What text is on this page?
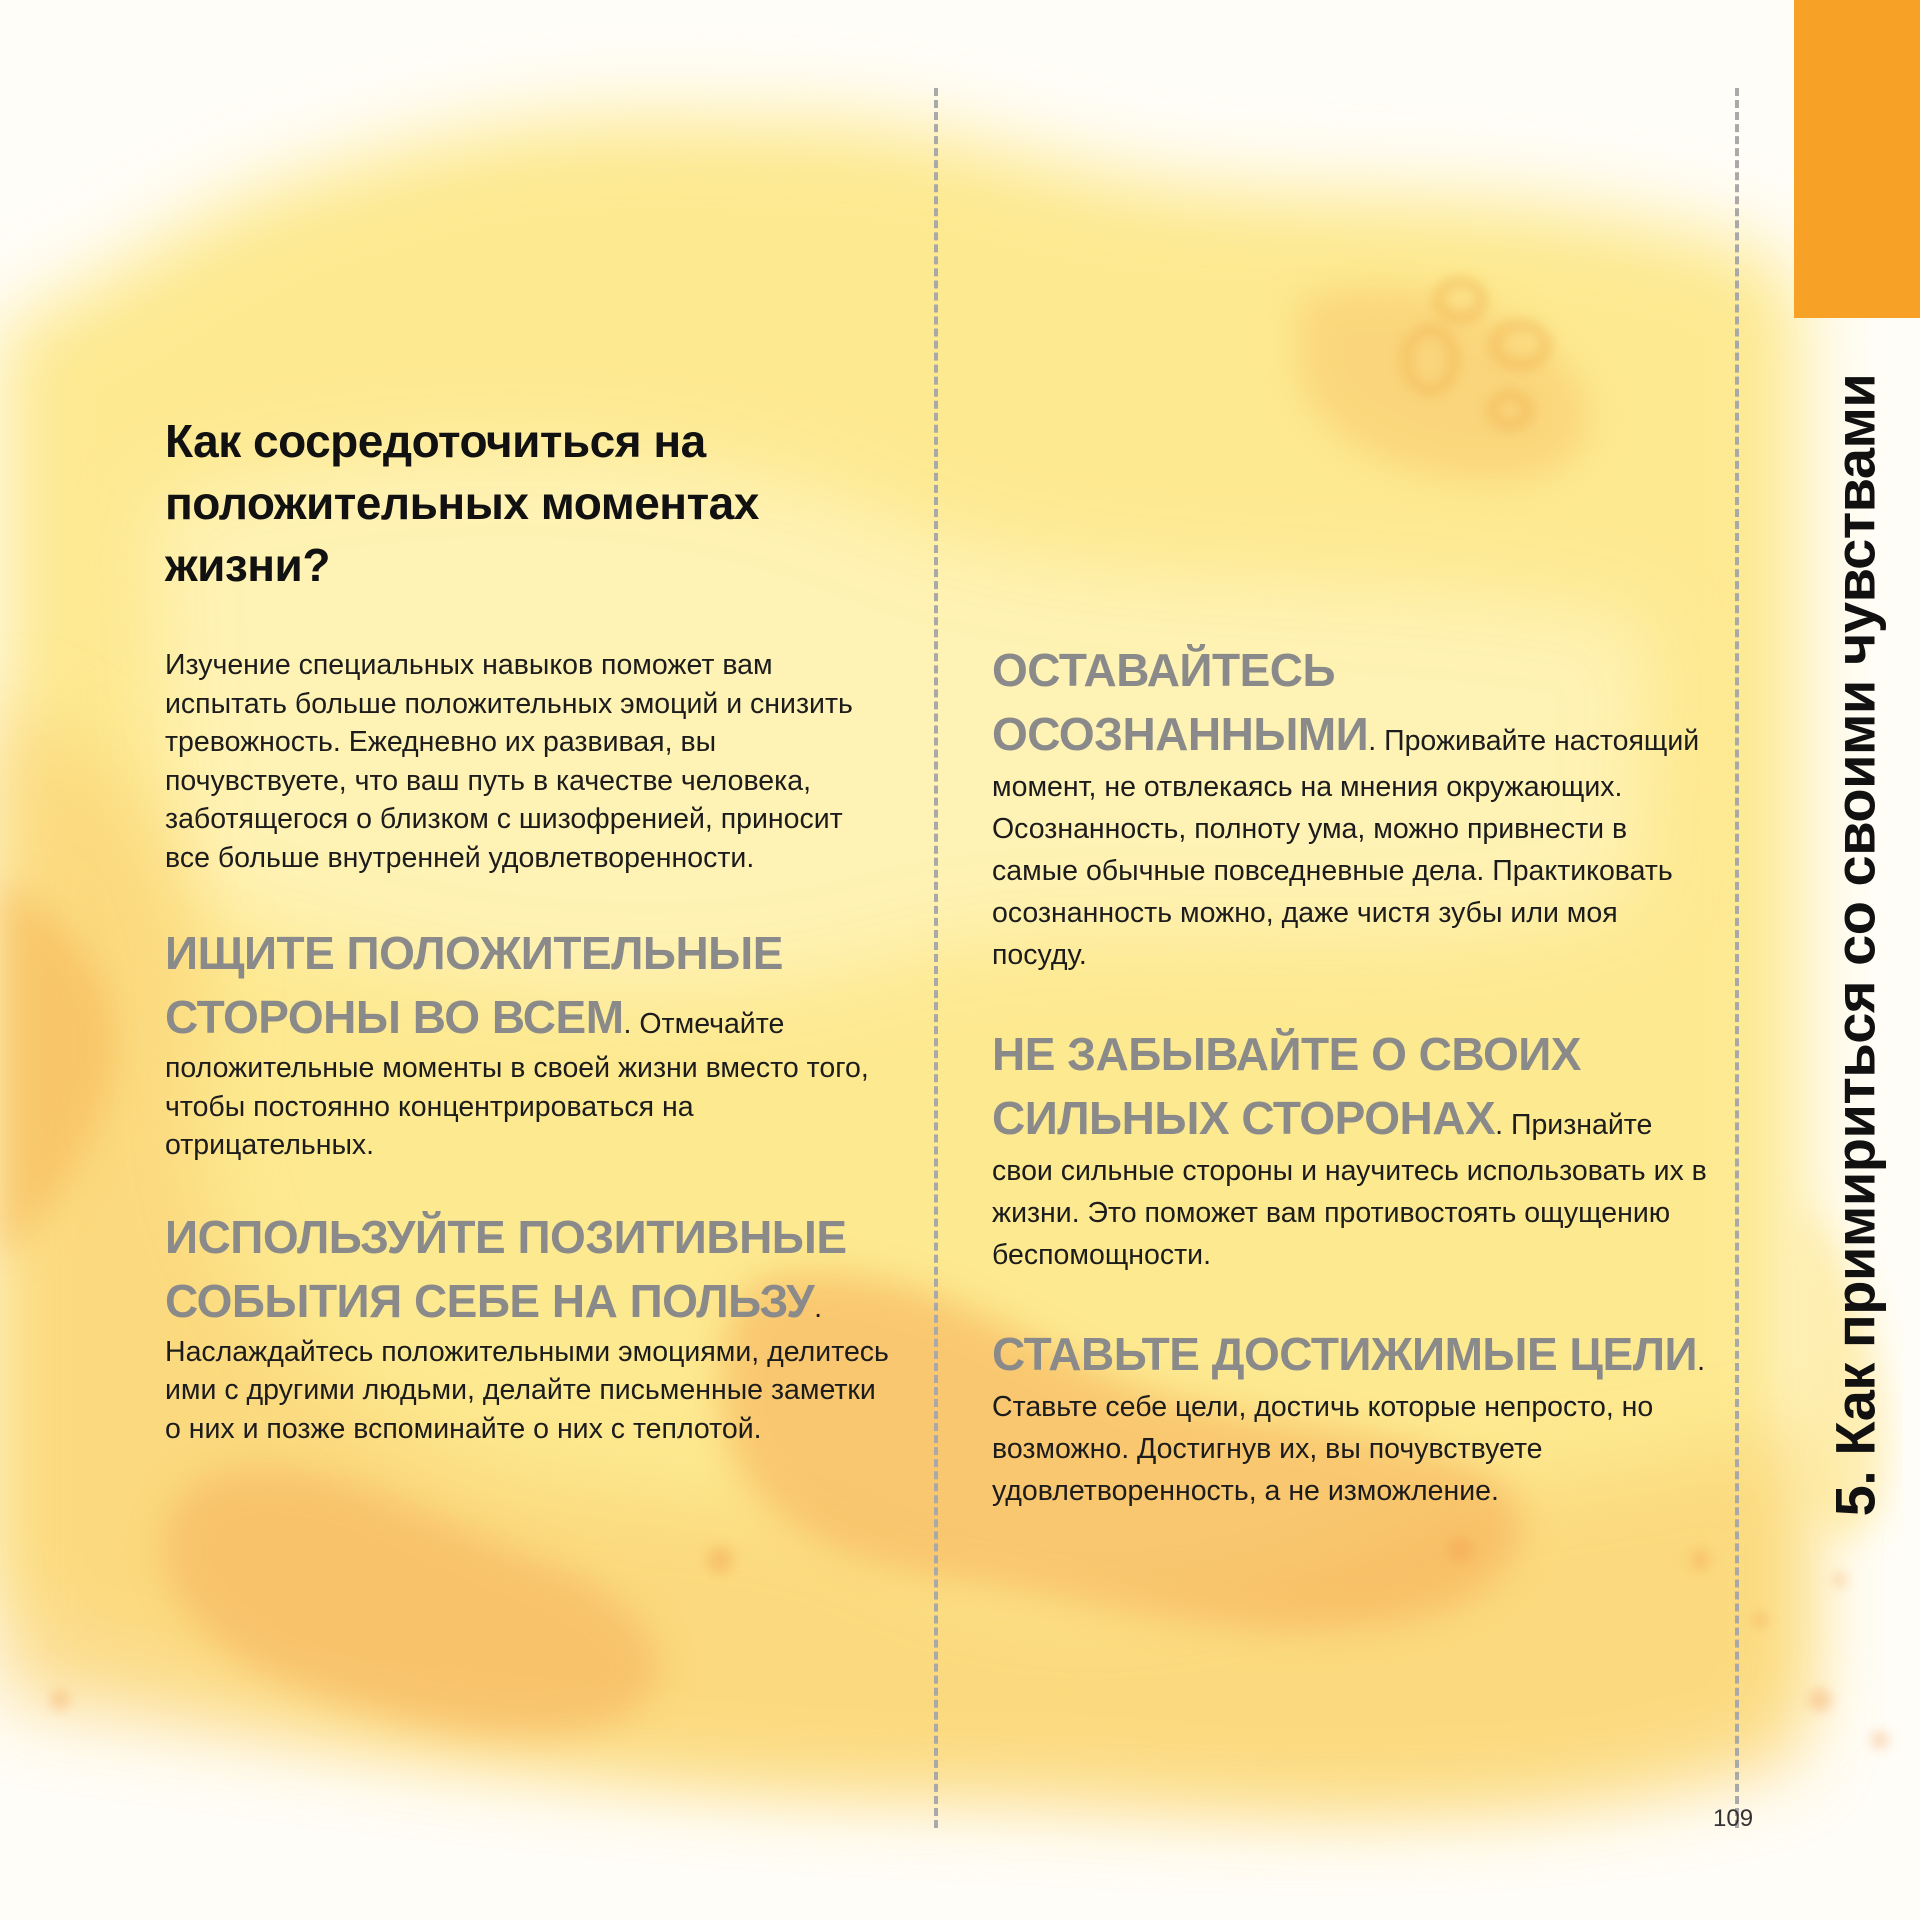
5. Как примириться со своими чувствами
Как сосредоточиться на положительных моментах жизни?

Изучение специальных навыков поможет вам испытать больше положительных эмоций и снизить тревожность. Ежедневно их развивая, вы почувствуете, что ваш путь в качестве человека, заботящегося о близком с шизофренией, приносит все больше внутренней удовлетворенности.

ИЩИТЕ ПОЛОЖИТЕЛЬНЫЕ СТОРОНЫ ВО ВСЕМ. Отмечайте положительные моменты в своей жизни вместо того, чтобы постоянно концентрироваться на отрицательных.

ИСПОЛЬЗУЙТЕ ПОЗИТИВНЫЕ СОБЫТИЯ СЕБЕ НА ПОЛЬЗУ. Наслаждайтесь положительными эмоциями, делитесь ими с другими людьми, делайте письменные заметки о них и позже вспоминайте о них с теплотой.

ОСТАВАЙТЕСЬ ОСОЗНАННЫМИ. Проживайте настоящий момент, не отвлекаясь на мнения окружающих. Осознанность, полноту ума, можно привнести в самые обычные повседневные дела. Практиковать осознанность можно, даже чистя зубы или моя посуду.

НЕ ЗАБЫВАЙТЕ О СВОИХ СИЛЬНЫХ СТОРОНАХ. Признайте свои сильные стороны и научитесь использовать их в жизни. Это поможет вам противостоять ощущению беспомощности.

СТАВЬТЕ ДОСТИЖИМЫЕ ЦЕЛИ. Ставьте себе цели, достичь которые непросто, но возможно. Достигнув их, вы почувствуете удовлетворенность, а не изможление.

109
